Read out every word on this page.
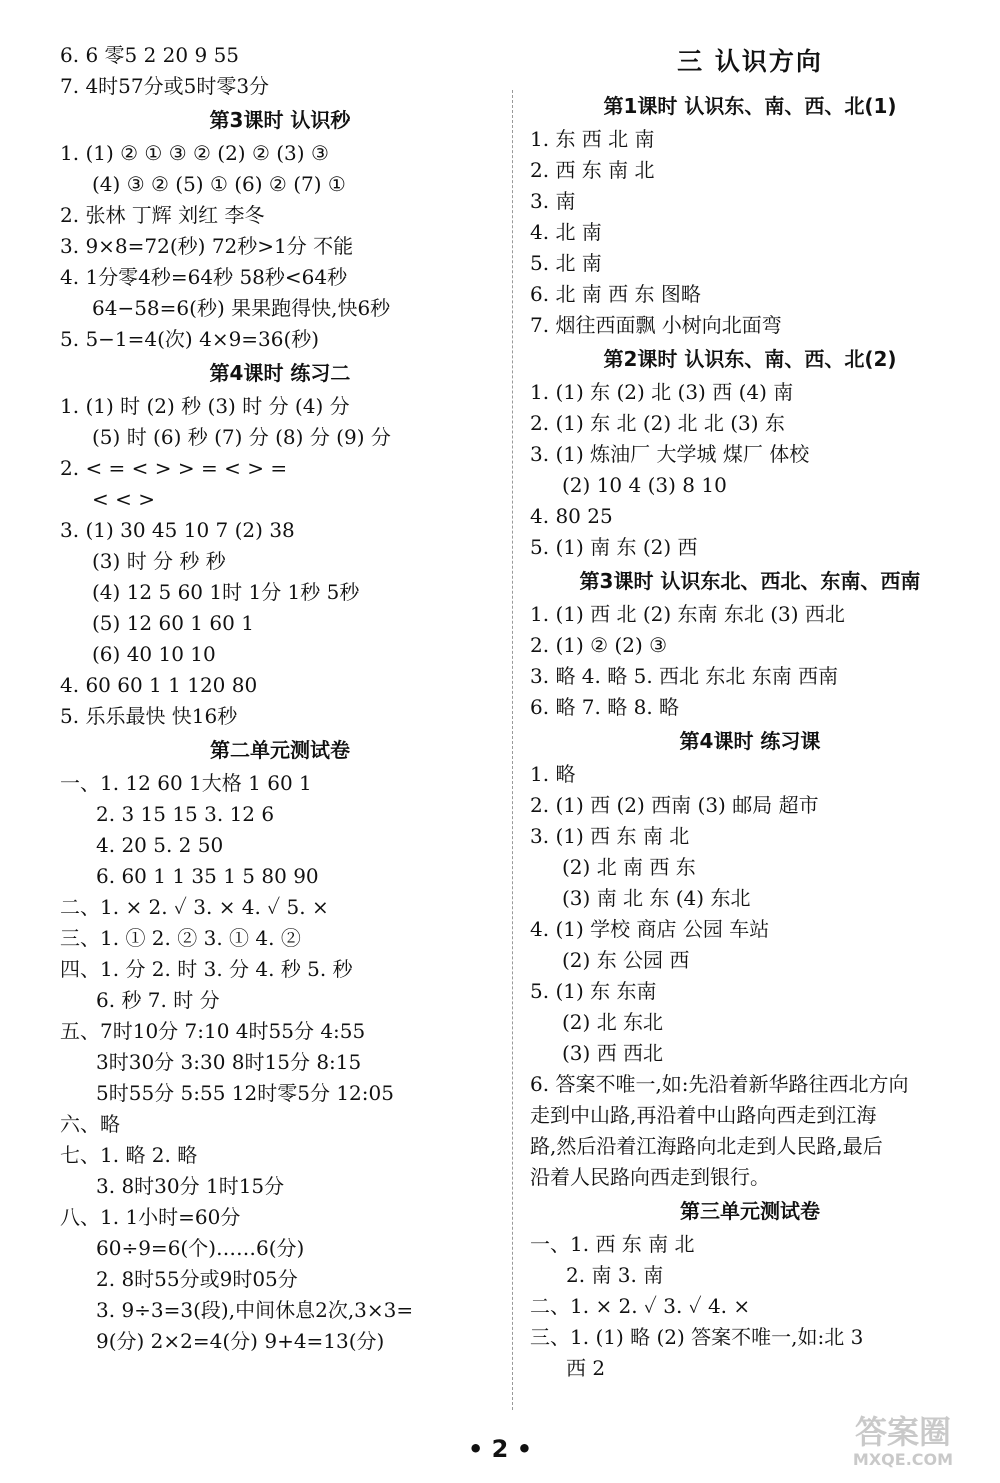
6. 6 零5 2 20 9 55
7. 4时57分或5时零3分
第3课时 认识秒
1. (1) ② ① ③ ② (2) ② (3) ③
(4) ③ ② (5) ① (6) ② (7) ①
2. 张林 丁辉 刘红 李冬
3. 9×8=72(秒) 72秒>1分 不能
4. 1分零4秒=64秒 58秒<64秒
64−58=6(秒) 果果跑得快,快6秒
5. 5−1=4(次) 4×9=36(秒)
第4课时 练习二
1. (1) 时 (2) 秒 (3) 时 分 (4) 分
(5) 时 (6) 秒 (7) 分 (8) 分 (9) 分
2. < = < > > = < > =
< < >
3. (1) 30 45 10 7 (2) 38
(3) 时 分 秒 秒
(4) 12 5 60 1时 1分 1秒 5秒
(5) 12 60 1 60 1
(6) 40 10 10
4. 60 60 1 1 120 80
5. 乐乐最快 快16秒
第二单元测试卷
一、1. 12 60 1大格 1 60 1
2. 3 15 15 3. 12 6
4. 20 5. 2 50
6. 60 1 1 35 1 5 80 90
二、1. × 2. ✓ 3. × 4. ✓ 5. ×
三、1. ① 2. ② 3. ① 4. ②
四、1. 分 2. 时 3. 分 4. 秒 5. 秒
6. 秒 7. 时 分
五、7时10分 7:10 4时55分 4:55
3时30分 3:30 8时15分 8:15
5时55分 5:55 12时零5分 12:05
六、略
七、1. 略 2. 略
3. 8时30分 1时15分
八、1. 1小时=60分
60÷9=6(个)……6(分)
2. 8时55分或9时05分
3. 9÷3=3(段),中间休息2次,3×3=
9(分) 2×2=4(分) 9+4=13(分)
三 认识方向
第1课时 认识东、南、西、北(1)
1. 东 西 北 南
2. 西 东 南 北
3. 南
4. 北 南
5. 北 南
6. 北 南 西 东 图略
7. 烟往西面飘 小树向北面弯
第2课时 认识东、南、西、北(2)
1. (1) 东 (2) 北 (3) 西 (4) 南
2. (1) 东 北 (2) 北 北 (3) 东
3. (1) 炼油厂 大学城 煤厂 体校
(2) 10 4 (3) 8 10
4. 80 25
5. (1) 南 东 (2) 西
第3课时 认识东北、西北、东南、西南
1. (1) 西 北 (2) 东南 东北 (3) 西北
2. (1) ② (2) ③
3. 略 4. 略 5. 西北 东北 东南 西南
6. 略 7. 略 8. 略
第4课时 练习课
1. 略
2. (1) 西 (2) 西南 (3) 邮局 超市
3. (1) 西 东 南 北
(2) 北 南 西 东
(3) 南 北 东 (4) 东北
4. (1) 学校 商店 公园 车站
(2) 东 公园 西
5. (1) 东 东南
(2) 北 东北
(3) 西 西北
6. 答案不唯一,如:先沿着新华路往西北方向
走到中山路,再沿着中山路向西走到江海
路,然后沿着江海路向北走到人民路,最后
沿着人民路向西走到银行。
第三单元测试卷
一、1. 西 东 南 北
2. 南 3. 南
二、1. × 2. ✓ 3. ✓ 4. ×
三、1. (1) 略 (2) 答案不唯一,如:北 3
西 2
• 2 •	答案圈
MXQE.COM
